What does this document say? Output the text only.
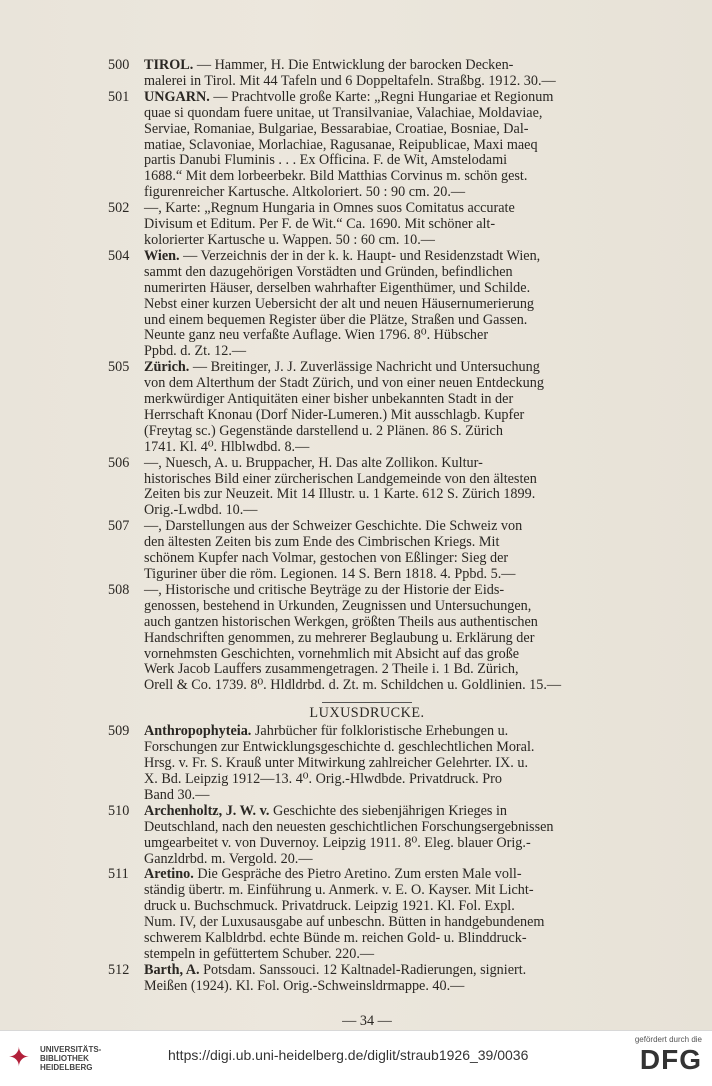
500	TIROL. — Hammer, H. Die Entwicklung der barocken Decken-
malerei in Tirol. Mit 44 Tafeln und 6 Doppeltafeln. Straßbg. 1912. 30.—
501	UNGARN. — Prachtvolle große Karte: „Regni Hungariae et Regionum
quae si quondam fuere unitae, ut Transilvaniae, Valachiae, Moldaviae,
Serviae, Romaniae, Bulgariae, Bessarabiae, Croatiae, Bosniae, Dal-
matiae, Sclavoniae, Morlachiae, Ragusanae, Reipublicae, Maxi maeq
partis Danubi Fluminis . . . Ex Officina. F. de Wit, Amstelodami
1688.“ Mit dem lorbeerbekr. Bild Matthias Corvinus m. schön gest.
figurenreicher Kartusche. Altkoloriert. 50 : 90 cm. 20.—
502	—, Karte: „Regnum Hungaria in Omnes suos Comitatus accurate
Divisum et Editum. Per F. de Wit.“ Ca. 1690. Mit schöner alt-
kolorierter Kartusche u. Wappen. 50 : 60 cm. 10.—
504	Wien. — Verzeichnis der in der k. k. Haupt- und Residenzstadt Wien,
sammt den dazugehörigen Vorstädten und Gründen, befindlichen
numerirten Häuser, derselben wahrhafter Eigenthümer, und Schilde.
Nebst einer kurzen Uebersicht der alt und neuen Häusernumerierung
und einem bequemen Register über die Plätze, Straßen und Gassen.
Neunte ganz neu verfaßte Auflage. Wien 1796. 8⁰. Hübscher
Ppbd. d. Zt. 12.—
505	Zürich. — Breitinger, J. J. Zuverlässige Nachricht und Untersuchung
von dem Alterthum der Stadt Zürich, und von einer neuen Entdeckung
merkwürdiger Antiquitäten einer bisher unbekannten Stadt in der
Herrschaft Knonau (Dorf Nider-Lumeren.) Mit ausschlagb. Kupfer
(Freytag sc.) Gegenstände darstellend u. 2 Plänen. 86 S. Zürich
1741. Kl. 4⁰. Hlblwdbd. 8.—
506	—, Nuesch, A. u. Bruppacher, H. Das alte Zollikon. Kultur-
historisches Bild einer zürcherischen Landgemeinde von den ältesten
Zeiten bis zur Neuzeit. Mit 14 Illustr. u. 1 Karte. 612 S. Zürich 1899.
Orig.-Lwdbd. 10.—
507	—, Darstellungen aus der Schweizer Geschichte. Die Schweiz von
den ältesten Zeiten bis zum Ende des Cimbrischen Kriegs. Mit
schönem Kupfer nach Volmar, gestochen von Eßlinger: Sieg der
Tiguriner über die röm. Legionen. 14 S. Bern 1818. 4. Ppbd. 5.—
508	—, Historische und critische Beyträge zu der Historie der Eids-
genossen, bestehend in Urkunden, Zeugnissen und Untersuchungen,
auch gantzen historischen Werkgen, größten Theils aus authentischen
Handschriften genommen, zu mehrerer Beglaubung u. Erklärung der
vornehmsten Geschichten, vornehmlich mit Absicht auf das große
Werk Jacob Lauffers zusammengetragen. 2 Theile i. 1 Bd. Zürich,
Orell & Co. 1739. 8⁰. Hldldrbd. d. Zt. m. Schildchen u. Goldlinien. 15.—
LUXUSDRUCKE.
509	Anthropophyteia. Jahrbücher für folkloristische Erhebungen u.
Forschungen zur Entwicklungsgeschichte d. geschlechtlichen Moral.
Hrsg. v. Fr. S. Krauß unter Mitwirkung zahlreicher Gelehrter. IX. u.
X. Bd. Leipzig 1912—13. 4⁰. Orig.-Hlwdbde. Privatdruck. Pro
Band 30.—
510	Archenholtz, J. W. v. Geschichte des siebenjährigen Krieges in
Deutschland, nach den neuesten geschichtlichen Forschungsergebnissen
umgearbeitet v. von Duvernoy. Leipzig 1911. 8⁰. Eleg. blauer Orig.-
Ganzldrbd. m. Vergold. 20.—
511	Aretino. Die Gespräche des Pietro Aretino. Zum ersten Male voll-
ständig übertr. m. Einführung u. Anmerk. v. E. O. Kayser. Mit Licht-
druck u. Buchschmuck. Privatdruck. Leipzig 1921. Kl. Fol. Expl.
Num. IV, der Luxusausgabe auf unbeschn. Bütten in handgebundenem
schwerem Kalbldrbd. echte Bünde m. reichen Gold- u. Blinddruck-
stempeln in gefüttertem Schuber. 220.—
512	Barth, A. Potsdam. Sanssouci. 12 Kaltnadel-Radierungen, signiert.
Meißen (1924). Kl. Fol. Orig.-Schweinsldrmappe. 40.—
— 34 —
✦	UNIVERSITÄTS-
BIBLIOTHEK
HEIDELBERG
https://digi.ub.uni-heidelberg.de/diglit/straub1926_39/0036
gefördert durch die
DFG
